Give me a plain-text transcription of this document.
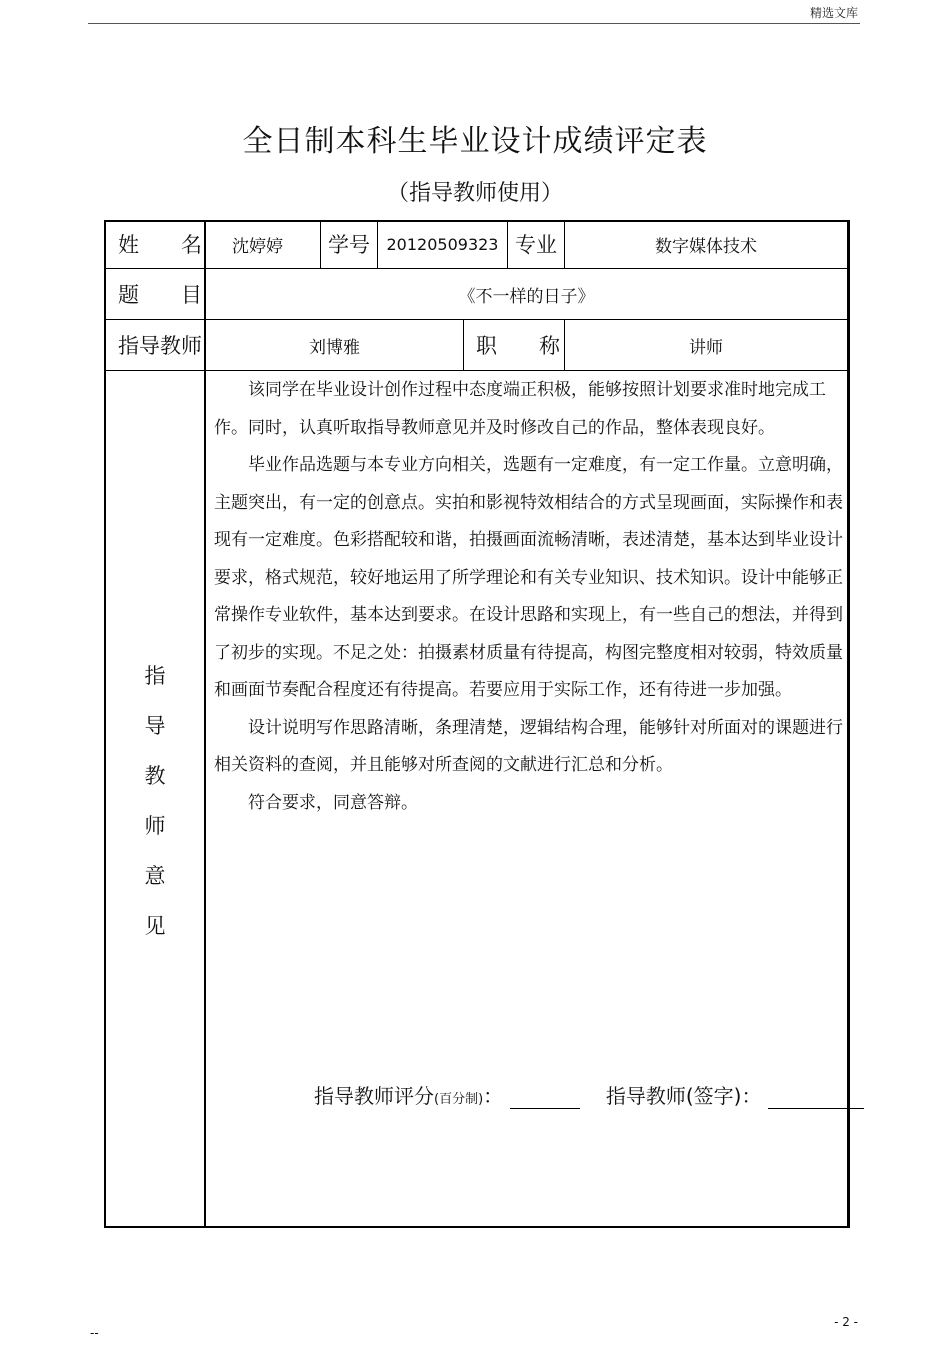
精选文库
全日制本科生毕业设计成绩评定表
（指导教师使用）
姓　　名	沈婷婷	学号	20120509323 专业	数字媒体技术
题　　目	《不一样的日子》
指导教师	刘博雅	职　　称	讲师
指
导
教
师
意
见

该同学在毕业设计创作过程中态度端正积极，能够按照计划要求准时地完成工作。同时，认真听取指导教师意见并及时修改自己的作品，整体表现良好。

毕业作品选题与本专业方向相关，选题有一定难度，有一定工作量。立意明确，主题突出，有一定的创意点。实拍和影视特效相结合的方式呈现画面，实际操作和表现有一定难度。色彩搭配较和谐，拍摄画面流畅清晰，表述清楚，基本达到毕业设计要求，格式规范，较好地运用了所学理论和有关专业知识、技术知识。设计中能够正常操作专业软件，基本达到要求。在设计思路和实现上，有一些自己的想法，并得到了初步的实现。不足之处：拍摄素材质量有待提高，构图完整度相对较弱，特效质量和画面节奏配合程度还有待提高。若要应用于实际工作，还有待进一步加强。

设计说明写作思路清晰，条理清楚，逻辑结构合理，能够针对所面对的课题进行相关资料的查阅，并且能够对所查阅的文献进行汇总和分析。

符合要求，同意答辩。

指导教师评分(百分制)：	指导教师(签字)：
- 2 -
--
